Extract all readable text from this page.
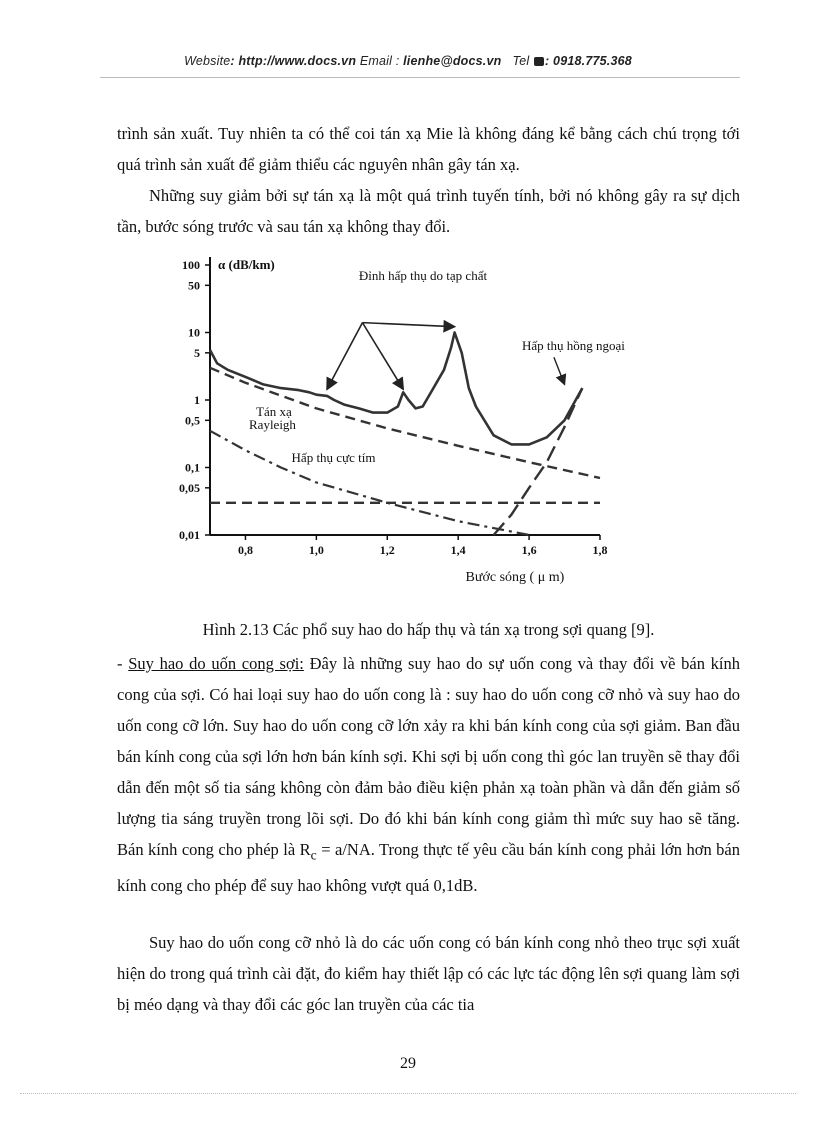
Website: http://www.docs.vn Email : lienhe@docs.vn Tel : 0918.775.368

trình sản xuất. Tuy nhiên ta có thể coi tán xạ Mie là không đáng kể bằng cách chú trọng tới quá trình sản xuất để giảm thiểu các nguyên nhân gây tán xạ.

Những suy giảm bởi sự tán xạ là một quá trình tuyến tính, bởi nó không gây ra sự dịch tần, bước sóng trước và sau tán xạ không thay đổi.

0,01
0,05
0,1
0,5
1
5
10
50
100
0,8	1,0	1,2	1,4	1,6	1,8
α (dB/km)
Bước sóng ( μ m)
Đỉnh hấp thụ do tạp chất
Hấp thụ hồng ngoại
Tán xạ
Rayleigh
Hấp thụ cực tím
Hình 2.13 Các phổ suy hao do hấp thụ và tán xạ trong sợi quang [9].

- Suy hao do uốn cong sợi: Đây là những suy hao do sự uốn cong và thay đổi về bán kính cong của sợi. Có hai loại suy hao do uốn cong là : suy hao do uốn cong cỡ nhỏ và suy hao do uốn cong cỡ lớn. Suy hao do uốn cong cỡ lớn xảy ra khi bán kính cong của sợi giảm. Ban đầu bán kính cong của sợi lớn hơn bán kính sợi. Khi sợi bị uốn cong thì góc lan truyền sẽ thay đổi dẫn đến một số tia sáng không còn đảm bảo điều kiện phản xạ toàn phần và dẫn đến giảm số lượng tia sáng truyền trong lõi sợi. Do đó khi bán kính cong giảm thì mức suy hao sẽ tăng. Bán kính cong cho phép là $R_c = a/NA$. Trong thực tế yêu cầu bán kính cong phải lớn hơn bán kính cong cho phép để suy hao không vượt quá 0,1dB.

Suy hao do uốn cong cỡ nhỏ là do các uốn cong có bán kính cong nhỏ theo trục sợi xuất hiện do trong quá trình cài đặt, đo kiểm hay thiết lập có các lực tác động lên sợi quang làm sợi bị méo dạng và thay đổi các góc lan truyền của các tia

29
